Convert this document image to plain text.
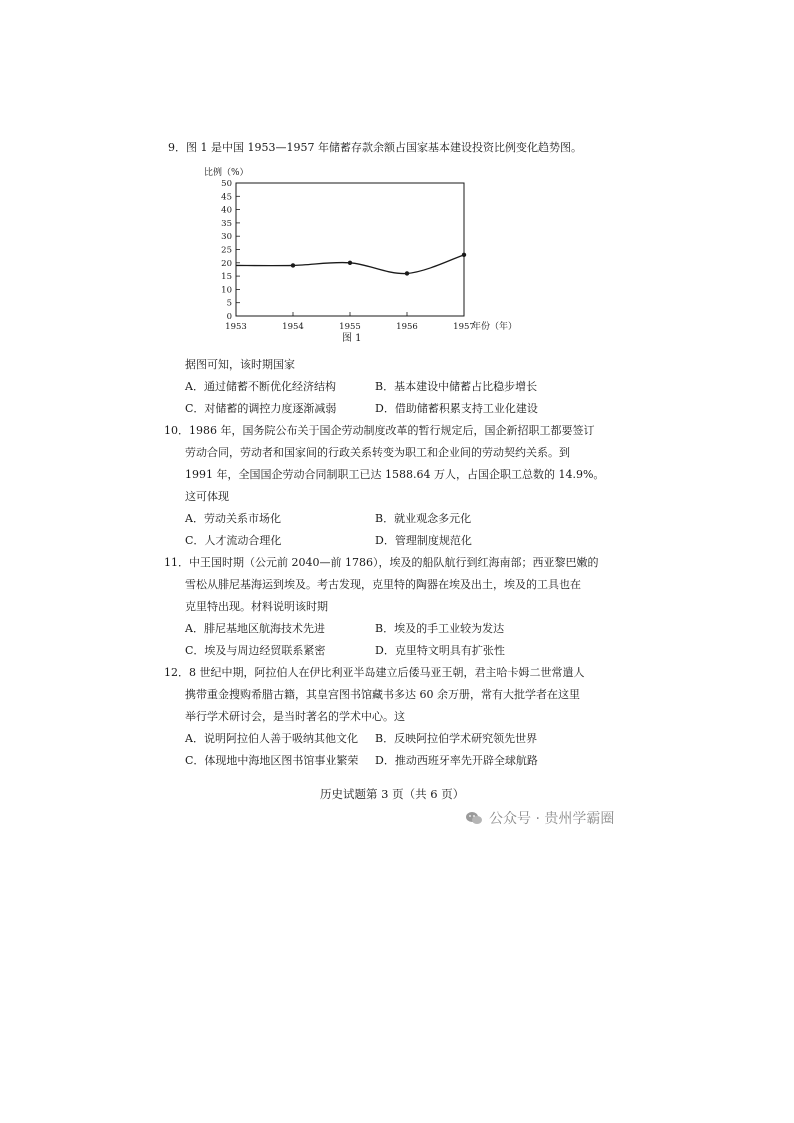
9．图 1 是中国 1953—1957 年储蓄存款余额占国家基本建设投资比例变化趋势图。
比例（%）
0
5
10
15
20
25
30
35
40
45
50
1953	1954	1955	1956	1957
年份（年）
图 1
据图可知，该时期国家
A．通过储蓄不断优化经济结构	B．基本建设中储蓄占比稳步增长
C．对储蓄的调控力度逐渐减弱	D．借助储蓄积累支持工业化建设
10．1986 年，国务院公布关于国企劳动制度改革的暂行规定后，国企新招职工都要签订
劳动合同，劳动者和国家间的行政关系转变为职工和企业间的劳动契约关系。到
1991 年，全国国企劳动合同制职工已达 1588.64 万人，占国企职工总数的 14.9%。
这可体现
A．劳动关系市场化	B．就业观念多元化
C．人才流动合理化	D．管理制度规范化
11．中王国时期（公元前 2040—前 1786），埃及的船队航行到红海南部；西亚黎巴嫩的
雪松从腓尼基海运到埃及。考古发现，克里特的陶器在埃及出土，埃及的工具也在
克里特出现。材料说明该时期
A．腓尼基地区航海技术先进	B．埃及的手工业较为发达
C．埃及与周边经贸联系紧密	D．克里特文明具有扩张性
12．8 世纪中期，阿拉伯人在伊比利亚半岛建立后倭马亚王朝，君主哈卡姆二世常遣人
携带重金搜购希腊古籍，其皇宫图书馆藏书多达 60 余万册，常有大批学者在这里
举行学术研讨会，是当时著名的学术中心。这
A．说明阿拉伯人善于吸纳其他文化 B．反映阿拉伯学术研究领先世界
C．体现地中海地区图书馆事业繁荣 D．推动西班牙率先开辟全球航路
历史试题第 3 页（共 6 页）
公众号 · 贵州学霸圈
